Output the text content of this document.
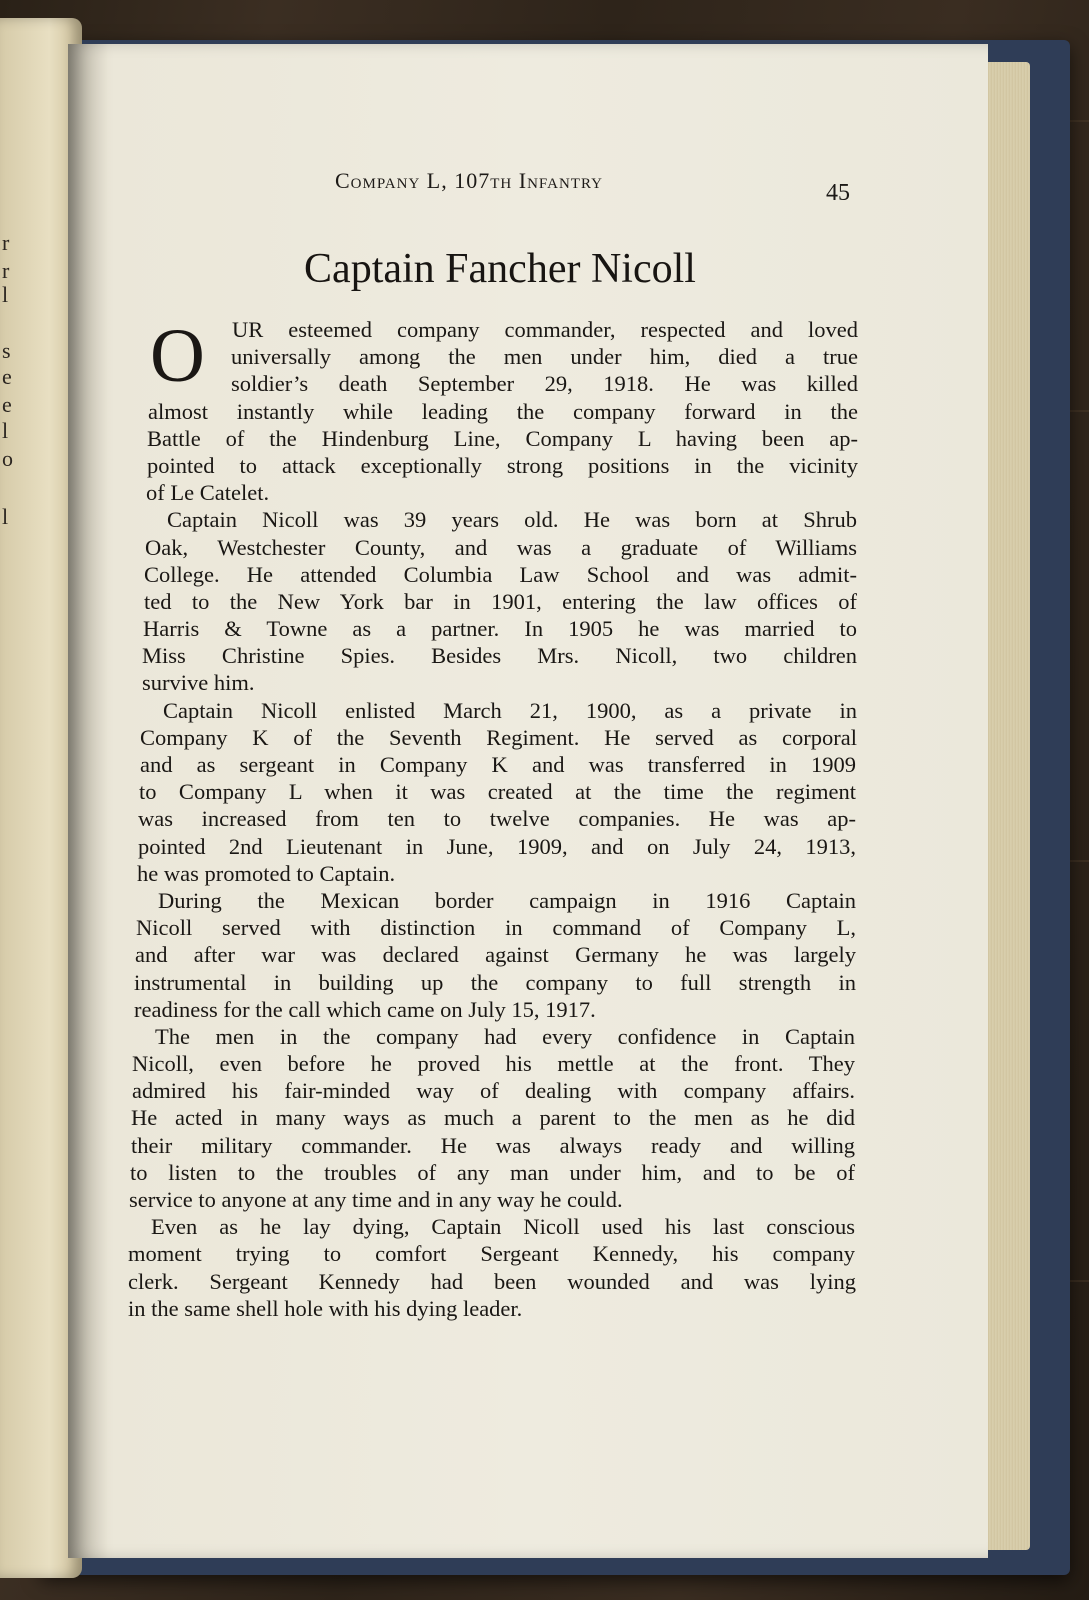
r
r
l
s
e
e
l
o
l
Company L, 107th Infantry	45
Captain Fancher Nicoll
O	UR esteemed company commander, respected and loved
universally among the men under him, died a true
soldier’s death September 29, 1918. He was killed
almost instantly while leading the company forward in the
Battle of the Hindenburg Line, Company L having been ap-
pointed to attack exceptionally strong positions in the vicinity
of Le Catelet.
Captain Nicoll was 39 years old. He was born at Shrub
Oak, Westchester County, and was a graduate of Williams
College. He attended Columbia Law School and was admit-
ted to the New York bar in 1901, entering the law offices of
Harris & Towne as a partner. In 1905 he was married to
Miss Christine Spies. Besides Mrs. Nicoll, two children
survive him.
Captain Nicoll enlisted March 21, 1900, as a private in
Company K of the Seventh Regiment. He served as corporal
and as sergeant in Company K and was transferred in 1909
to Company L when it was created at the time the regiment
was increased from ten to twelve companies. He was ap-
pointed 2nd Lieutenant in June, 1909, and on July 24, 1913,
he was promoted to Captain.
During the Mexican border campaign in 1916 Captain
Nicoll served with distinction in command of Company L,
and after war was declared against Germany he was largely
instrumental in building up the company to full strength in
readiness for the call which came on July 15, 1917.
The men in the company had every confidence in Captain
Nicoll, even before he proved his mettle at the front. They
admired his fair-minded way of dealing with company affairs.
He acted in many ways as much a parent to the men as he did
their military commander. He was always ready and willing
to listen to the troubles of any man under him, and to be of
service to anyone at any time and in any way he could.
Even as he lay dying, Captain Nicoll used his last conscious
moment trying to comfort Sergeant Kennedy, his company
clerk. Sergeant Kennedy had been wounded and was lying
in the same shell hole with his dying leader.
